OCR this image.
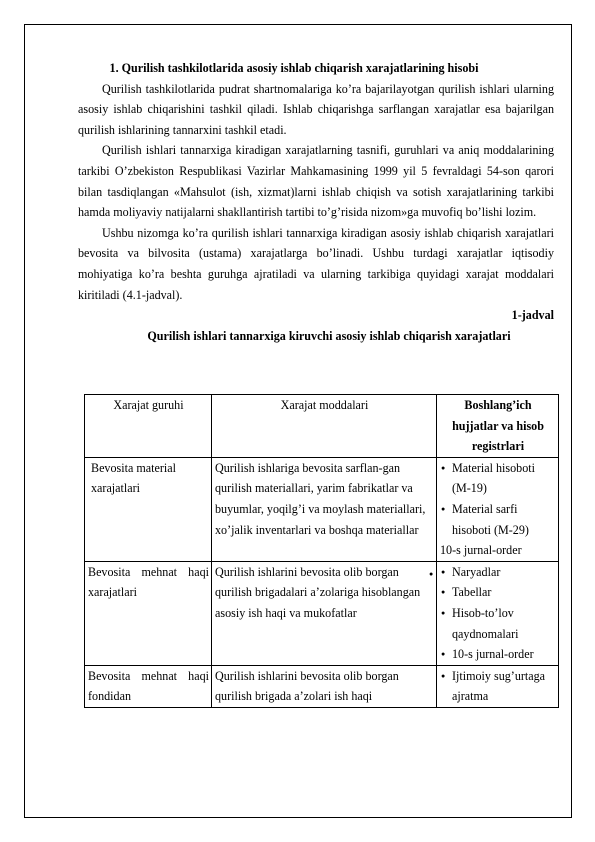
1. Qurilish tashkilotlarida asosiy ishlab chiqarish xarajatlarining hisobi

Qurilish tashkilotlarida pudrat shartnomalariga ko’ra bajarilayotgan qurilish ishlari ularning asosiy ishlab chiqarishini tashkil qiladi. Ishlab chiqarishga sarflangan xarajatlar esa bajarilgan qurilish ishlarining tannarxini tashkil etadi.

Qurilish ishlari tannarxiga kiradigan xarajatlarning tasnifi, guruhlari va aniq moddalarining tarkibi O’zbekiston Respublikasi Vazirlar Mahkamasining 1999 yil 5 fevraldagi 54-son qarori bilan tasdiqlangan «Mahsulot (ish, xizmat)larni ishlab chiqish va sotish xarajatlarining tarkibi hamda moliyaviy natijalarni shakllantirish tartibi to’g’risida nizom»ga muvofiq bo’lishi lozim.

Ushbu nizomga ko’ra qurilish ishlari tannarxiga kiradigan asosiy ishlab chiqarish xarajatlari bevosita va bilvosita (ustama) xarajatlarga bo’linadi. Ushbu turdagi xarajatlar iqtisodiy mohiyatiga ko’ra beshta guruhga ajratiladi va ularning tarkibiga quyidagi xarajat moddalari kiritiladi (4.1-jadval).

1-jadval
Qurilish ishlari tannarxiga kiruvchi asosiy ishlab chiqarish xarajatlari
Xarajat guruhi	Xarajat moddalari	Boshlang’ich hujjatlar va hisob registrlari
Bevosita material xarajatlari	Qurilish ishlariga bevosita sarflan-gan qurilish materiallari, yarim fabrikatlar va buyumlar, yoqilg’i va moylash materiallari, xo’jalik inventarlari va boshqa materiallar	●
● Material hisoboti (M-19)
● Material sarfi hisoboti (M-29)
10-s jurnal-order

Bevosita mehnat haqi xarajatlari	Qurilish ishlarini bevosita olib borgan qurilish brigadalari a’zolariga hisoblangan asosiy ish haqi va mukofatlar	● Naryadlar
● Tabellar
● Hisob-to’lov qaydnomalari
● 10-s jurnal-order

Bevosita mehnat haqi fondidan	Qurilish ishlarini bevosita olib borgan qurilish brigada a’zolari ish haqi	● Ijtimoiy sug’urtaga ajratma
